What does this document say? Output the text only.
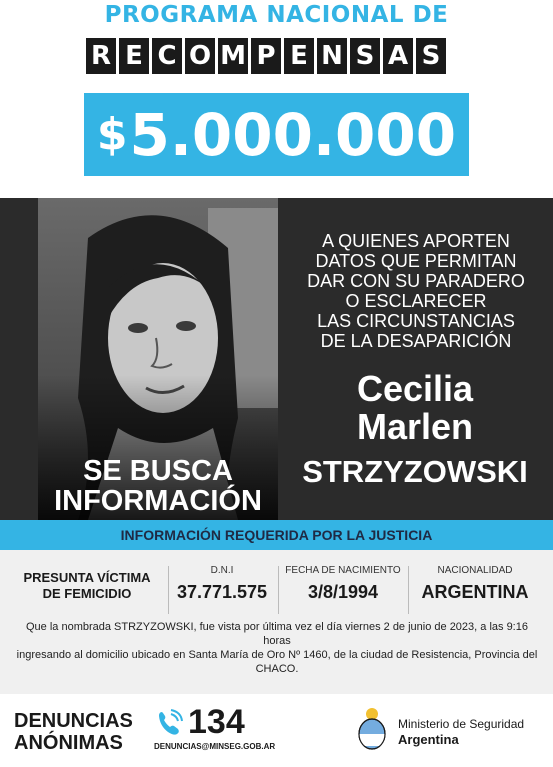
PROGRAMA NACIONAL DE
R E C O M P E N S A S
$5.000.000
A QUIENES APORTEN
DATOS QUE PERMITAN
DAR CON SU PARADERO
O ESCLARECER
LAS CIRCUNSTANCIAS
DE LA DESAPARICIÓN
Cecilia
Marlen
STRZYZOWSKI
SE BUSCA
INFORMACIÓN
INFORMACIÓN REQUERIDA POR LA JUSTICIA
PRESUNTA VÍCTIMA
DE FEMICIDIO
D.N.I
37.771.575
FECHA DE NACIMIENTO
3/8/1994
NACIONALIDAD
ARGENTINA
Que la nombrada STRZYZOWSKI, fue vista por última vez el día viernes 2 de junio de 2023, a las 9:16 horas
ingresando al domicilio ubicado en Santa María de Oro Nº 1460, de la ciudad de Resistencia, Provincia del CHACO.
DENUNCIAS
ANÓNIMAS
134
DENUNCIAS@MINSEG.GOB.AR
Ministerio de Seguridad
Argentina
